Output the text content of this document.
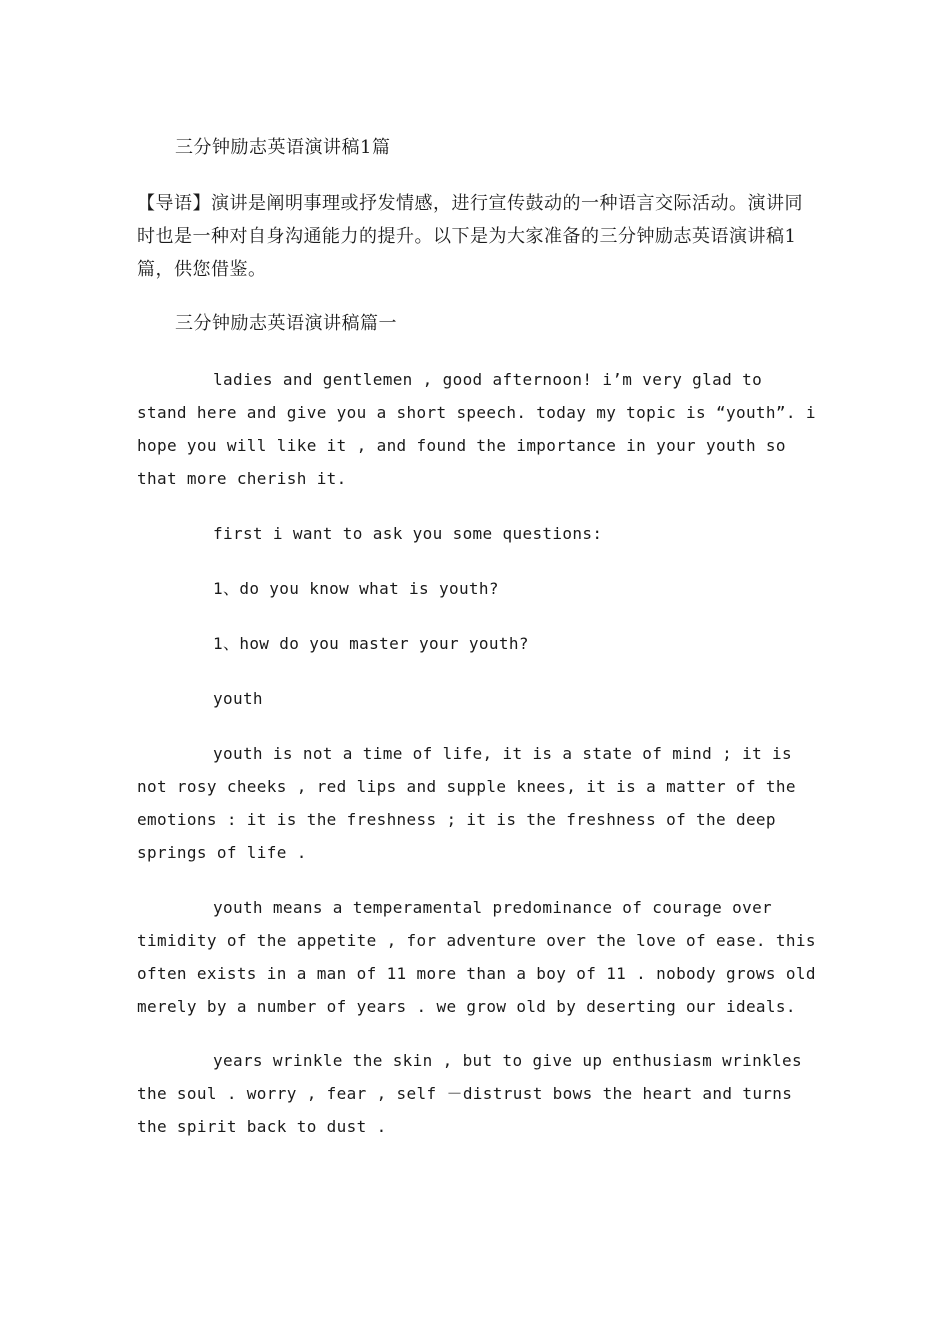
三分钟励志英语演讲稿1篇

【导语】演讲是阐明事理或抒发情感，进行宣传鼓动的一种语言交际活动。演讲同时也是一种对自身沟通能力的提升。以下是为大家准备的三分钟励志英语演讲稿1篇，供您借鉴。

三分钟励志英语演讲稿篇一

ladies and gentlemen , good afternoon! i’m very glad to stand here and give you a short speech. today my topic is “youth”. i hope you will like it , and found the importance in your youth so that more cherish it.

first i want to ask you some questions:

1、do you know what is youth?

1、how do you master your youth?

youth

youth is not a time of life, it is a state of mind ; it is not rosy cheeks , red lips and supple knees, it is a matter of the emotions : it is the freshness ; it is the freshness of the deep springs of life .

youth means a temperamental predominance of courage over timidity of the appetite , for adventure over the love of ease. this often exists in a man of 11 more than a boy of 11 . nobody grows old merely by a number of years . we grow old by deserting our ideals.

years wrinkle the skin , but to give up enthusiasm wrinkles the soul . worry , fear , self －distrust bows the heart and turns the spirit back to dust .
